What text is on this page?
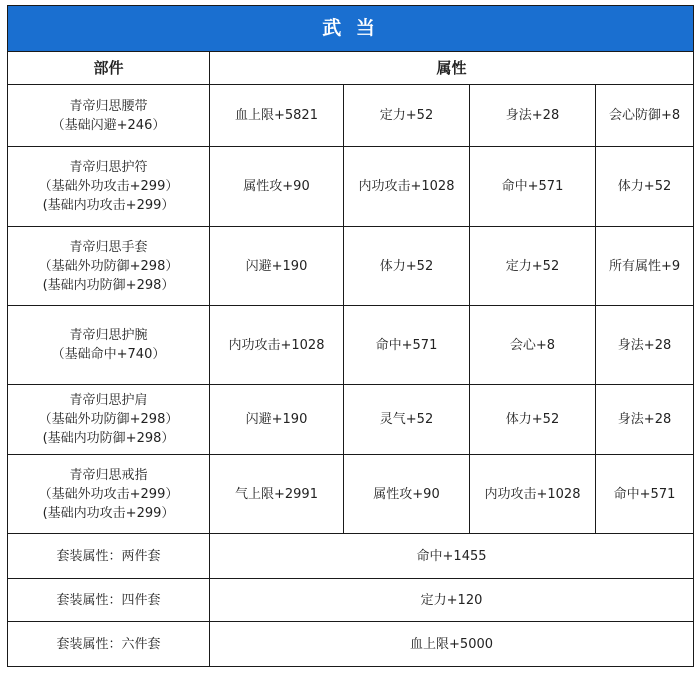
武 当				
部件	属性			

青帝归思腰带
（基础闪避+246）	血上限+5821	定力+52	身法+28	会心防御+8

青帝归思护符
（基础外功攻击+299）
(基础内功攻击+299）	属性攻+90	内功攻击+1028	命中+571	体力+52

青帝归思手套
（基础外功防御+298）
(基础内功防御+298）	闪避+190	体力+52	定力+52	所有属性+9

青帝归思护腕
（基础命中+740）	内功攻击+1028	命中+571	会心+8	身法+28

青帝归思护肩
（基础外功防御+298）
(基础内功防御+298）	闪避+190	灵气+52	体力+52	身法+28

青帝归思戒指
（基础外功攻击+299）
(基础内功攻击+299）	气上限+2991	属性攻+90	内功攻击+1028	命中+571
套装属性：两件套	命中+1455			
套装属性：四件套	定力+120			
套装属性：六件套	血上限+5000			
